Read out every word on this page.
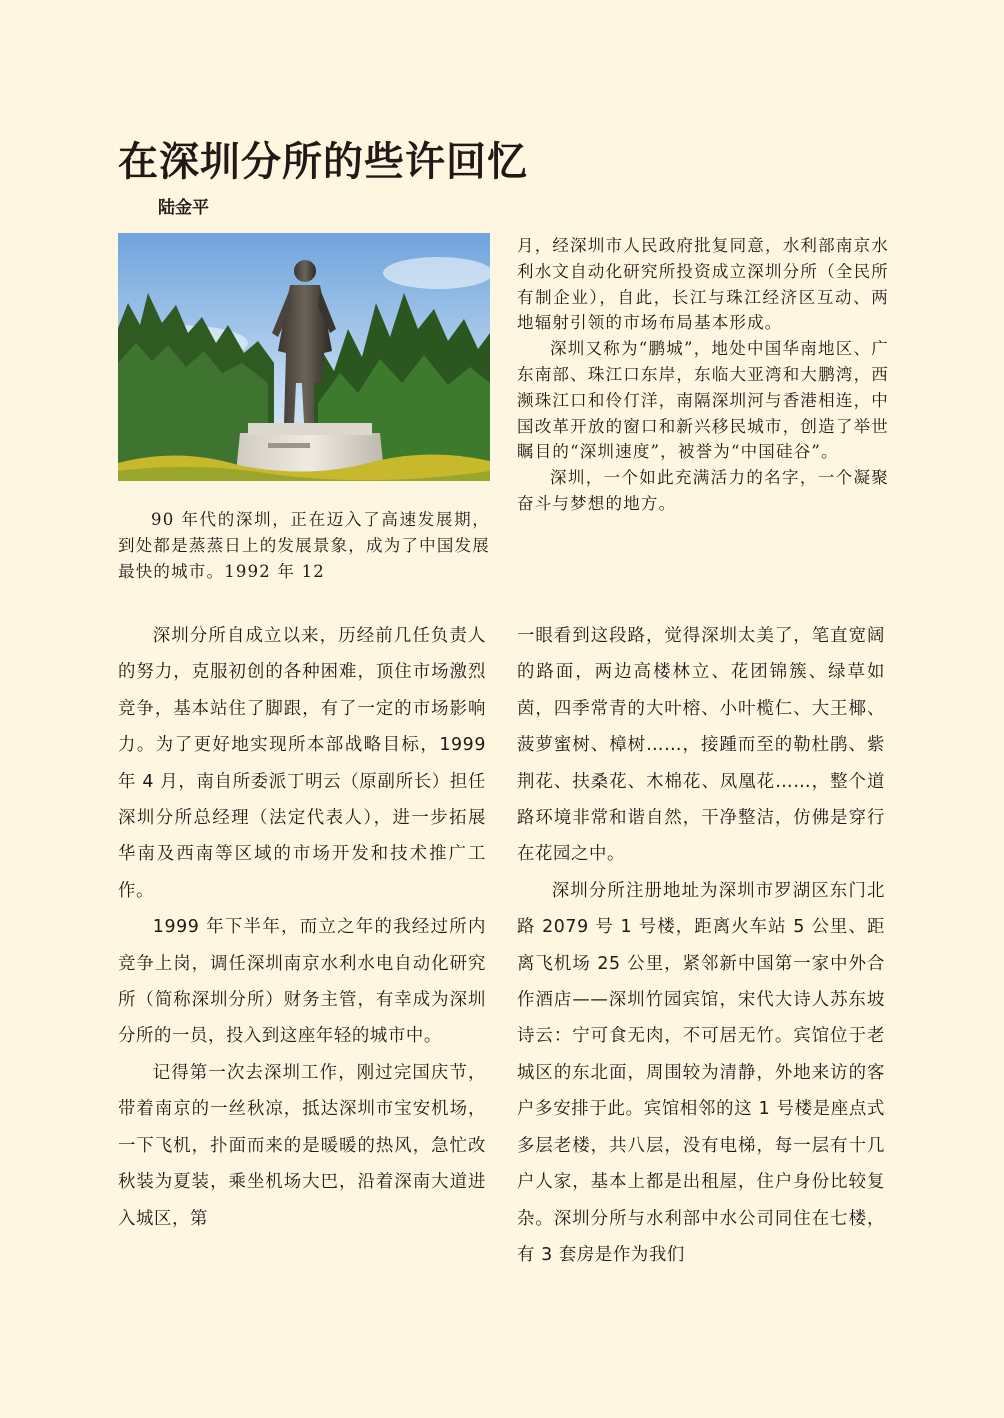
在深圳分所的些许回忆
陆金平

90 年代的深圳，正在迈入了高速发展期，到处都是蒸蒸日上的发展景象，成为了中国发展最快的城市。1992 年 12

月，经深圳市人民政府批复同意，水利部南京水利水文自动化研究所投资成立深圳分所（全民所有制企业），自此，长江与珠江经济区互动、两地辐射引领的市场布局基本形成。

深圳又称为“鹏城”，地处中国华南地区、广东南部、珠江口东岸，东临大亚湾和大鹏湾，西濒珠江口和伶仃洋，南隔深圳河与香港相连，中国改革开放的窗口和新兴移民城市，创造了举世瞩目的“深圳速度”，被誉为“中国硅谷”。

深圳，一个如此充满活力的名字，一个凝聚奋斗与梦想的地方。

深圳分所自成立以来，历经前几任负责人的努力，克服初创的各种困难，顶住市场激烈竞争，基本站住了脚跟，有了一定的市场影响力。为了更好地实现所本部战略目标，1999 年 4 月，南自所委派丁明云（原副所长）担任深圳分所总经理（法定代表人），进一步拓展华南及西南等区域的市场开发和技术推广工作。

1999 年下半年，而立之年的我经过所内竞争上岗，调任深圳南京水利水电自动化研究所（简称深圳分所）财务主管，有幸成为深圳分所的一员，投入到这座年轻的城市中。

记得第一次去深圳工作，刚过完国庆节，带着南京的一丝秋凉，抵达深圳市宝安机场，一下飞机，扑面而来的是暖暖的热风，急忙改秋装为夏装，乘坐机场大巴，沿着深南大道进入城区，第

一眼看到这段路，觉得深圳太美了，笔直宽阔的路面，两边高楼林立、花团锦簇、绿草如茵，四季常青的大叶榕、小叶榄仁、大王椰、菠萝蜜树、樟树……，接踵而至的勒杜鹃、紫荆花、扶桑花、木棉花、凤凰花……，整个道路环境非常和谐自然，干净整洁，仿佛是穿行在花园之中。

深圳分所注册地址为深圳市罗湖区东门北路 2079 号 1 号楼，距离火车站 5 公里、距离飞机场 25 公里，紧邻新中国第一家中外合作酒店——深圳竹园宾馆，宋代大诗人苏东坡诗云：宁可食无肉，不可居无竹。宾馆位于老城区的东北面，周围较为清静，外地来访的客户多安排于此。宾馆相邻的这 1 号楼是座点式多层老楼，共八层，没有电梯，每一层有十几户人家，基本上都是出租屋，住户身份比较复杂。深圳分所与水利部中水公司同住在七楼，有 3 套房是作为我们
